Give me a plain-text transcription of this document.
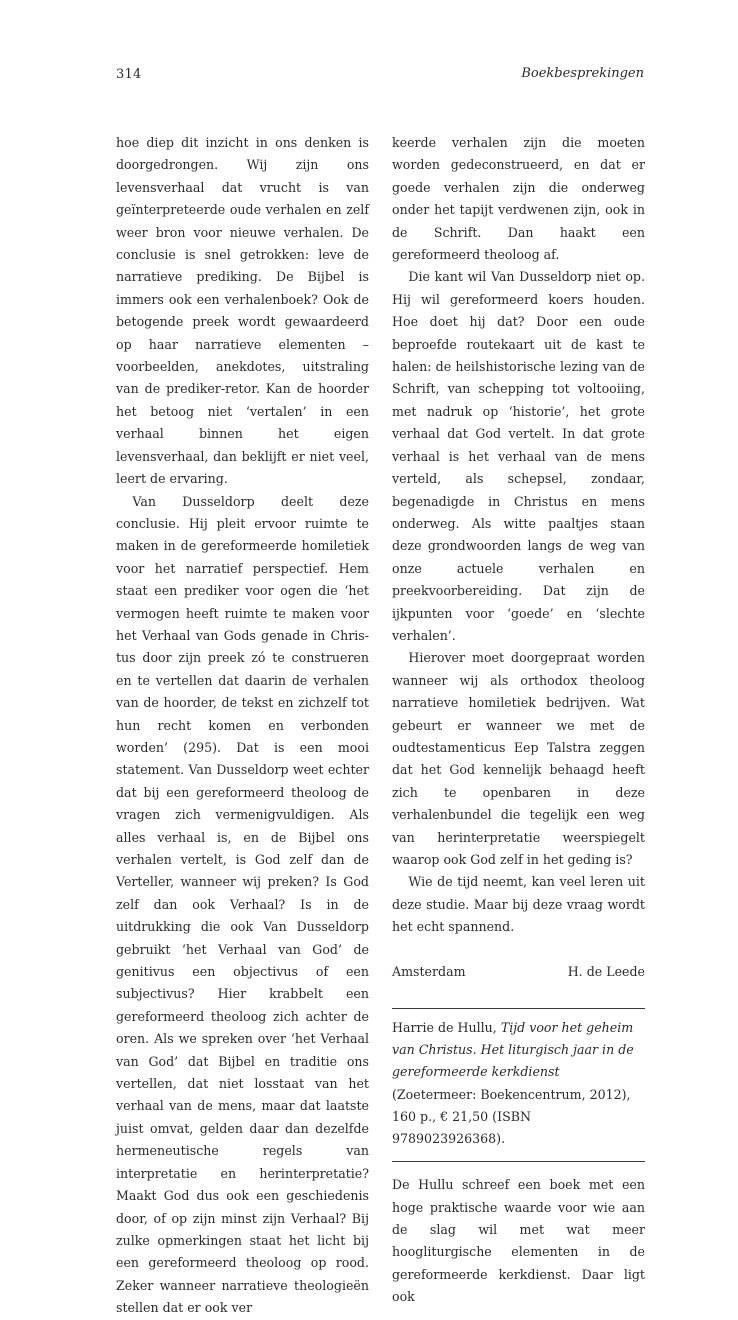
314	Boekbesprekingen

hoe diep dit inzicht in ons denken is doorgedrongen. Wij zijn ons levensverhaal dat vrucht is van geïnterpreteerde oude verhalen en zelf weer bron voor nieuwe verhalen. De conclusie is snel getrokken: leve de narratieve prediking. De Bijbel is immers ook een verhalenboek? Ook de betogende preek wordt gewaardeerd op haar narratieve elementen – voorbeelden, anekdotes, uitstraling van de prediker-retor. Kan de hoorder het betoog niet ‘vertalen’ in een verhaal binnen het eigen levensverhaal, dan beklijft er niet veel, leert de ervaring.

Van Dusseldorp deelt deze conclusie. Hij pleit ervoor ruimte te maken in de gereformeerde homiletiek voor het narratief perspectief. Hem staat een prediker voor ogen die ‘het vermogen heeft ruimte te maken voor het Verhaal van Gods genade in Christus door zijn preek zó te construeren en te vertellen dat daarin de verhalen van de hoorder, de tekst en zichzelf tot hun recht komen en verbonden worden’ (295). Dat is een mooi statement. Van Dusseldorp weet echter dat bij een gereformeerd theoloog de vragen zich vermenigvuldigen. Als alles verhaal is, en de Bijbel ons verhalen vertelt, is God zelf dan de Verteller, wanneer wij preken? Is God zelf dan ook Verhaal? Is in de uitdrukking die ook Van Dusseldorp gebruikt ‘het Verhaal van God’ de genitivus een objectivus of een subjectivus? Hier krabbelt een gereformeerd theoloog zich achter de oren. Als we spreken over ‘het Verhaal van God’ dat Bijbel en traditie ons vertellen, dat niet losstaat van het verhaal van de mens, maar dat laatste juist omvat, gelden daar dan dezelfde hermeneutische regels van interpretatie en herinterpretatie? Maakt God dus ook een geschiedenis door, of op zijn minst zijn Verhaal? Bij zulke opmerkingen staat het licht bij een gereformeerd theoloog op rood. Zeker wanneer narratieve theologieën stellen dat er ook ver

keerde verhalen zijn die moeten worden gedeconstrueerd, en dat er goede verhalen zijn die onderweg onder het tapijt verdwenen zijn, ook in de Schrift. Dan haakt een gereformeerd theoloog af.

Die kant wil Van Dusseldorp niet op. Hij wil gereformeerd koers houden. Hoe doet hij dat? Door een oude beproefde routekaart uit de kast te halen: de heilshistorische lezing van de Schrift, van schepping tot voltooiing, met nadruk op ‘historie’, het grote verhaal dat God vertelt. In dat grote verhaal is het verhaal van de mens verteld, als schepsel, zondaar, begenadigde in Christus en mens onderweg. Als witte paaltjes staan deze grondwoorden langs de weg van onze actuele verhalen en preekvoorbereiding. Dat zijn de ijkpunten voor ‘goede’ en ‘slechte verhalen’.

Hierover moet doorgepraat worden wanneer wij als orthodox theoloog narratieve homiletiek bedrijven. Wat gebeurt er wanneer we met de oudtestamenticus Eep Talstra zeggen dat het God kennelijk behaagd heeft zich te openbaren in deze verhalenbundel die tegelijk een weg van herinterpretatie weerspiegelt waarop ook God zelf in het geding is?

Wie de tijd neemt, kan veel leren uit deze studie. Maar bij deze vraag wordt het echt spannend.

Amsterdam	H. de Leede
Harrie de Hullu, Tijd voor het geheim van Christus. Het liturgisch jaar in de gereformeerde kerkdienst (Zoetermeer: Boekencentrum, 2012), 160 p., € 21,50 (ISBN 9789023926368).

De Hullu schreef een boek met een hoge praktische waarde voor wie aan de slag wil met wat meer hoogliturgische elementen in de gereformeerde kerkdienst. Daar ligt ook
